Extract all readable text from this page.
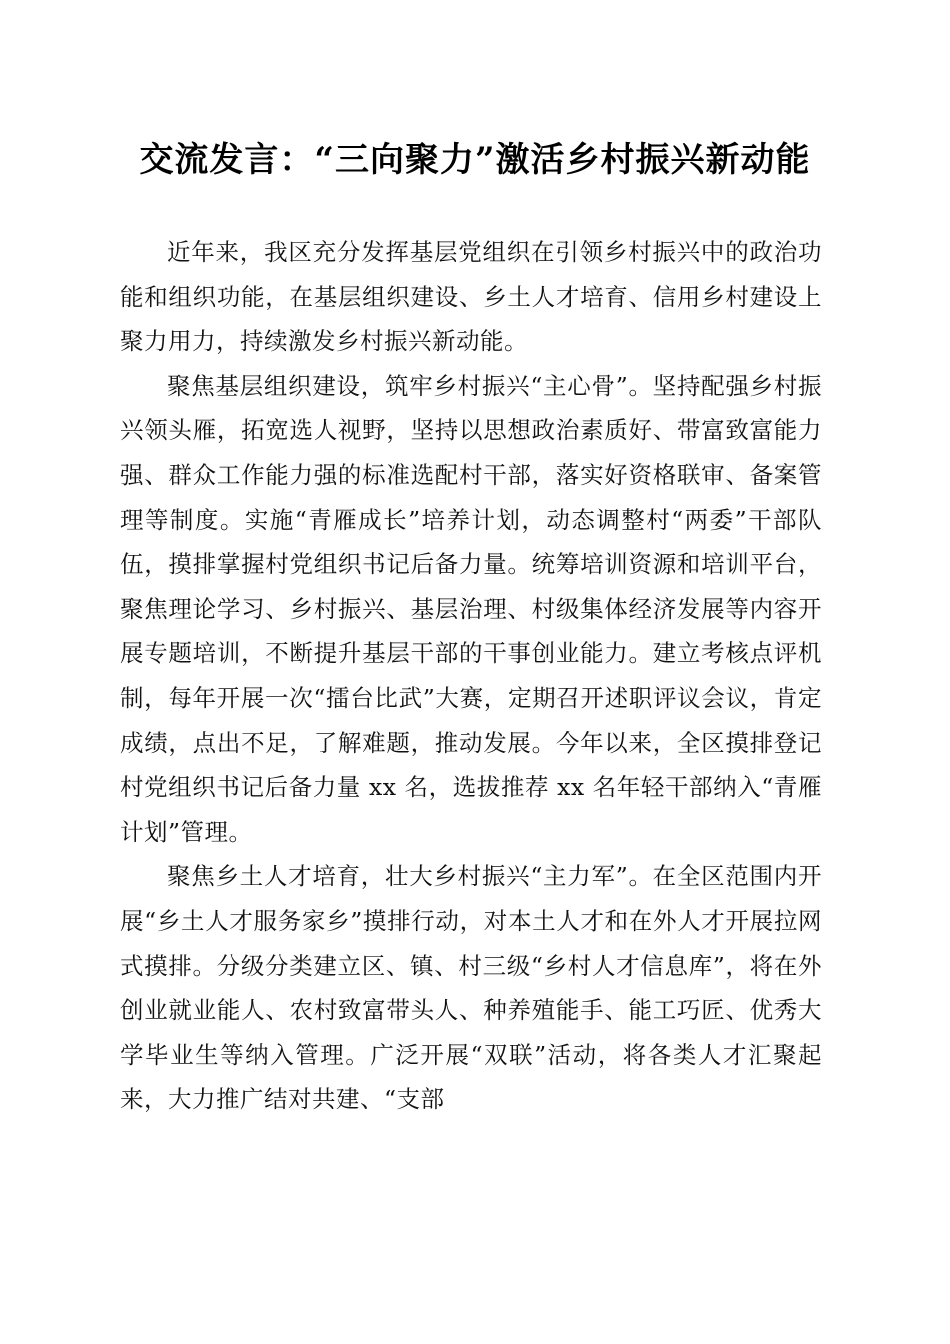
交流发言：“三向聚力”激活乡村振兴新动能

近年来，我区充分发挥基层党组织在引领乡村振兴中的政治功能和组织功能，在基层组织建设、乡土人才培育、信用乡村建设上聚力用力，持续激发乡村振兴新动能。

聚焦基层组织建设，筑牢乡村振兴“主心骨”。坚持配强乡村振兴领头雁，拓宽选人视野，坚持以思想政治素质好、带富致富能力强、群众工作能力强的标准选配村干部，落实好资格联审、备案管理等制度。实施“青雁成长”培养计划，动态调整村“两委”干部队伍，摸排掌握村党组织书记后备力量。统筹培训资源和培训平台，聚焦理论学习、乡村振兴、基层治理、村级集体经济发展等内容开展专题培训，不断提升基层干部的干事创业能力。建立考核点评机制，每年开展一次“擂台比武”大赛，定期召开述职评议会议，肯定成绩，点出不足，了解难题，推动发展。今年以来，全区摸排登记村党组织书记后备力量 xx 名，选拔推荐 xx 名年轻干部纳入“青雁计划”管理。

聚焦乡土人才培育，壮大乡村振兴“主力军”。在全区范围内开展“乡土人才服务家乡”摸排行动，对本土人才和在外人才开展拉网式摸排。分级分类建立区、镇、村三级“乡村人才信息库”，将在外创业就业能人、农村致富带头人、种养殖能手、能工巧匠、优秀大学毕业生等纳入管理。广泛开展“双联”活动，将各类人才汇聚起来，大力推广结对共建、“支部
